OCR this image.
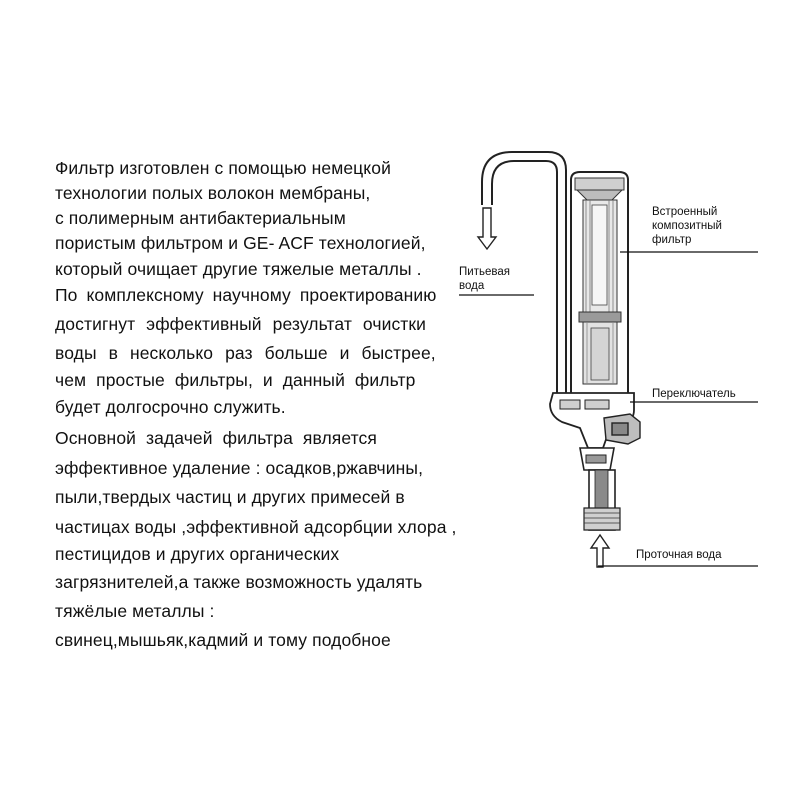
Фильтр изготовлен с помощью немецкой
технологии полых волокон мембраны,
с полимерным антибактериальным
пористым фильтром и GE- ACF технологией,
который очищает другие тяжелые металлы .
По комплексному научному проектированию
достигнут эффективный результат очистки
воды в несколько раз больше и быстрее,
чем простые фильтры, и данный фильтр
будет долгосрочно служить.
Основной задачей фильтра является
эффективное удаление : осадков,ржавчины,
пыли,твердых частиц и других примесей в
частицах воды ,эффективной адсорбции хлора ,
пестицидов и других органических
загрязнителей,а также возможность удалять
тяжёлые металлы :
свинец,мышьяк,кадмий и тому подобное
Питьевая
вода
Встроенный
композитный
фильтр
Переключатель
Проточная вода
